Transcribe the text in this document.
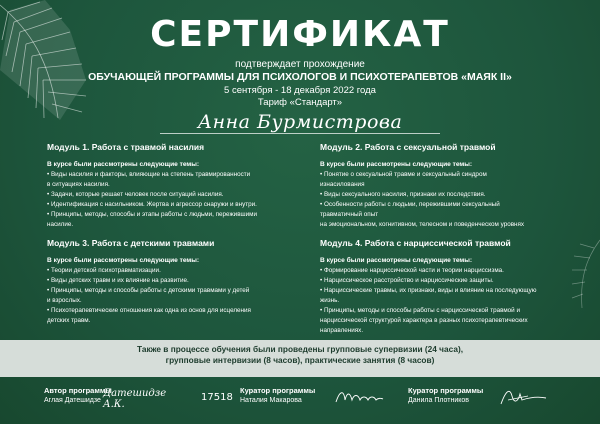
СЕРТИФИКАТ
подтверждает прохождение
ОБУЧАЮЩЕЙ ПРОГРАММЫ ДЛЯ ПСИХОЛОГОВ И ПСИХОТЕРАПЕВТОВ «МАЯК II»
5 сентября - 18 декабря 2022 года
Тариф «Стандарт»
Анна Бурмистрова
Модуль 1. Работа с травмой насилия
В курсе были рассмотрены следующие темы:
• Виды насилия и факторы, влияющие на степень травмированности
в ситуациях насилия.
• Задачи, которые решает человек после ситуаций насилия.
• Идентификация с насильником. Жертва и агрессор снаружи и внутри.
• Принципы, методы, способы и этапы работы с людьми, пережившими
насилие.
Модуль 2. Работа с сексуальной травмой
В курсе были рассмотрены следующие темы:
• Понятие о сексуальной травме и сексуальный синдром
изнасилования
• Виды сексуального насилия, признаки их последствия.
• Особенности работы с людьми, пережившими сексуальный
травматичный опыт
на эмоциональном, когнитивном, телесном и поведенческом уровнях
Модуль 3. Работа с детскими травмами
В курсе были рассмотрены следующие темы:
• Теории детской психотравматизации.
• Виды детских травм и их влияние на развитие.
• Принципы, методы и способы работы с детскими травмами у детей
и взрослых.
• Психотерапевтические отношения как одна из основ для исцеления
детских травм.
Модуль 4. Работа с нарциссической травмой
В курсе были рассмотрены следующие темы:
• Формирование нарциссической части и теории нарциссизма.
• Нарциссическое расстройство и нарциссические защиты.
• Нарциссические травмы, их признаки, виды и влияние на последующую
жизнь.
• Принципы, методы и способы работы с нарциссической травмой и
нарциссической структурой характера в разных психотерапевтических
направлениях.
Также в процессе обучения были проведены групповые супервизии (24 часа),
групповые интервизии (8 часов), практические занятия (8 часов)
Автор программы
Аглая Датешидзе
Датешидзе А.К.
17518
Куратор программы
Наталия Макарова
Куратор программы
Данила Плотников
